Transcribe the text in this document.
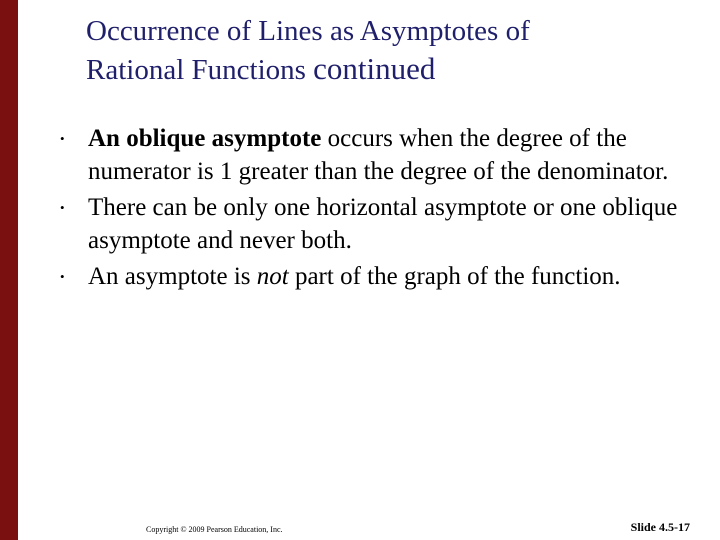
Occurrence of Lines as Asymptotes of
Rational Functions continued
• An oblique asymptote occurs when the degree of the numerator is 1 greater than the degree of the denominator.
• There can be only one horizontal asymptote or one oblique asymptote and never both.
• An asymptote is not part of the graph of the function.
Copyright © 2009 Pearson Education, Inc.	Slide 4.5-17
